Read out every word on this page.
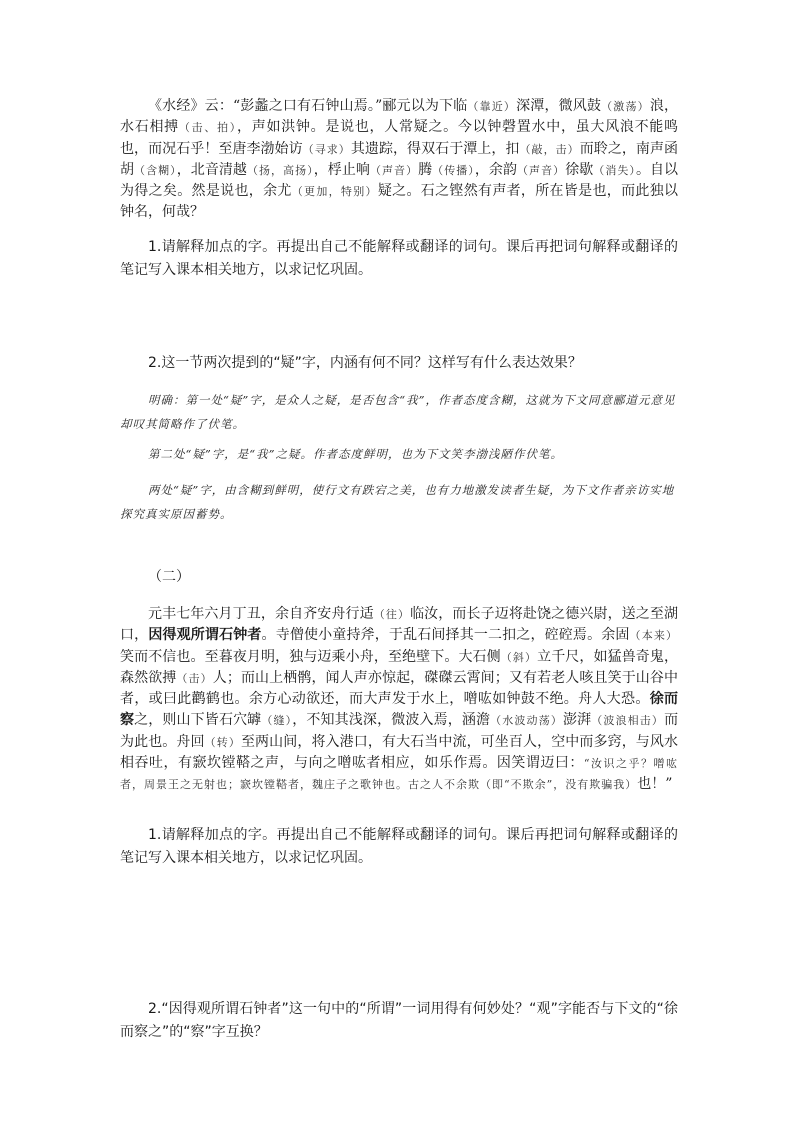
《水经》云：“彭蠡之口有石钟山焉。”郦元以为下临（靠近）深潭，微风鼓（激荡）浪，水石相搏（击、拍），声如洪钟。是说也，人常疑之。今以钟磬置水中，虽大风浪不能鸣也，而况石乎！至唐李渤始访（寻求）其遗踪，得双石于潭上，扣（敲，击）而聆之，南声函胡（含糊），北音清越（扬，高扬），桴止响（声音）腾（传播），余韵（声音）徐歇（消失）。自以为得之矣。然是说也，余尤（更加，特别）疑之。石之铿然有声者，所在皆是也，而此独以钟名，何哉？

1.请解释加点的字。再提出自己不能解释或翻译的词句。课后再把词句解释或翻译的笔记写入课本相关地方，以求记忆巩固。

2.这一节两次提到的“疑”字，内涵有何不同？这样写有什么表达效果？

明确：第一处“疑”字，是众人之疑，是否包含“我”，作者态度含糊，这就为下文同意郦道元意见却叹其简略作了伏笔。

第二处“疑”字，是“我”之疑。作者态度鲜明，也为下文笑李渤浅陋作伏笔。

两处“疑”字，由含糊到鲜明，使行文有跌宕之美，也有力地激发读者生疑，为下文作者亲访实地探究真实原因蓄势。

（二）

元丰七年六月丁丑，余自齐安舟行适（往）临汝，而长子迈将赴饶之德兴尉，送之至湖口，因得观所谓石钟者。寺僧使小童持斧，于乱石间择其一二扣之，硿硿焉。余固（本来）笑而不信也。至暮夜月明，独与迈乘小舟，至绝壁下。大石侧（斜）立千尺，如猛兽奇鬼，森然欲搏（击）人；而山上栖鹘，闻人声亦惊起，磔磔云霄间；又有若老人咳且笑于山谷中者，或曰此鹳鹤也。余方心动欲还，而大声发于水上，噌吰如钟鼓不绝。舟人大恐。徐而察之，则山下皆石穴罅（缝），不知其浅深，微波入焉，涵澹（水波动荡）澎湃（波浪相击）而为此也。舟回（转）至两山间，将入港口，有大石当中流，可坐百人，空中而多窍，与风水相吞吐，有窾坎镗鞳之声，与向之噌吰者相应，如乐作焉。因笑谓迈曰：“汝识之乎？噌吰者，周景王之无射也；窾坎镗鞳者，魏庄子之歌钟也。古之人不余欺（即“不欺余”，没有欺骗我）也！”

1.请解释加点的字。再提出自己不能解释或翻译的词句。课后再把词句解释或翻译的笔记写入课本相关地方，以求记忆巩固。

2.“因得观所谓石钟者”这一句中的“所谓”一词用得有何妙处？“观”字能否与下文的“徐而察之”的“察”字互换？
